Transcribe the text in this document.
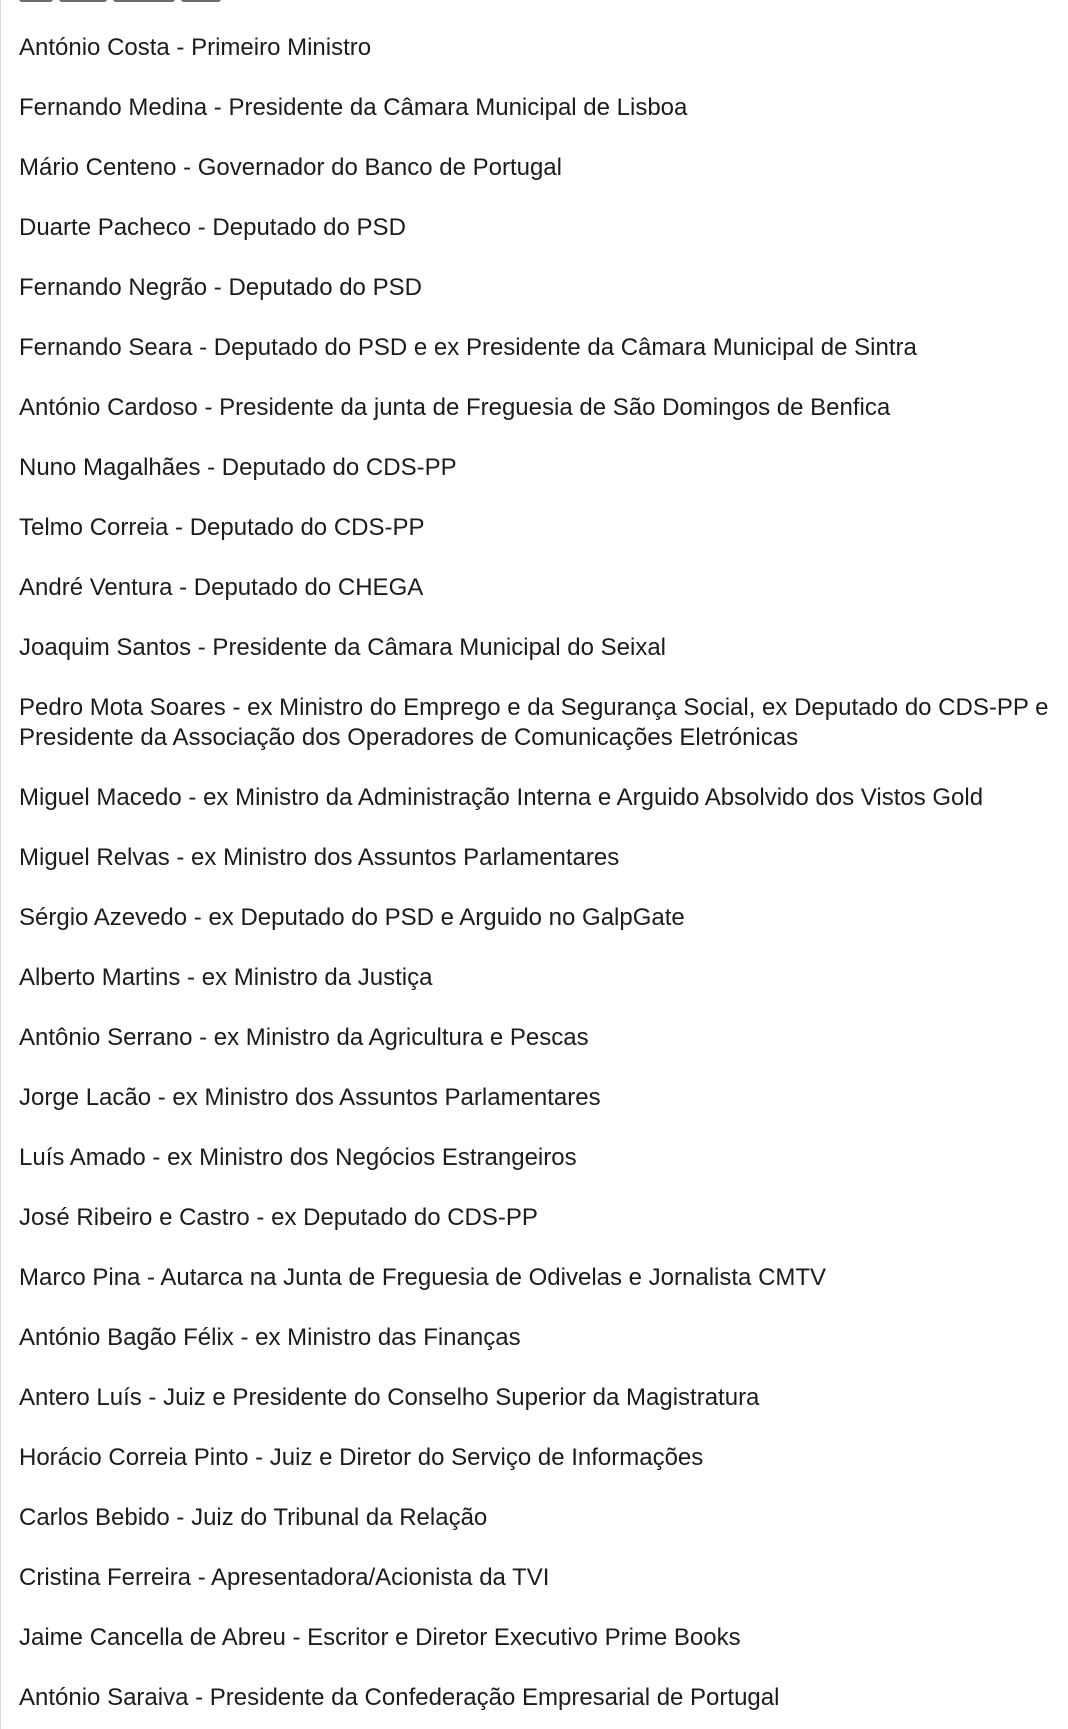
António Costa - Primeiro Ministro
Fernando Medina - Presidente da Câmara Municipal de Lisboa
Mário Centeno - Governador do Banco de Portugal
Duarte Pacheco - Deputado do PSD
Fernando Negrão - Deputado do PSD
Fernando Seara - Deputado do PSD e ex Presidente da Câmara Municipal de Sintra
António Cardoso - Presidente da junta de Freguesia de São Domingos de Benfica
Nuno Magalhães - Deputado do CDS-PP
Telmo Correia - Deputado do CDS-PP
André Ventura - Deputado do CHEGA
Joaquim Santos - Presidente da Câmara Municipal do Seixal
Pedro Mota Soares - ex Ministro do Emprego e da Segurança Social, ex Deputado do CDS-PP e Presidente da Associação dos Operadores de Comunicações Eletrónicas
Miguel Macedo - ex Ministro da Administração Interna e Arguido Absolvido dos Vistos Gold
Miguel Relvas - ex Ministro dos Assuntos Parlamentares
Sérgio Azevedo - ex Deputado do PSD e Arguido no GalpGate
Alberto Martins - ex Ministro da Justiça
Antônio Serrano - ex Ministro da Agricultura e Pescas
Jorge Lacão - ex Ministro dos Assuntos Parlamentares
Luís Amado - ex Ministro dos Negócios Estrangeiros
José Ribeiro e Castro - ex Deputado do CDS-PP
Marco Pina - Autarca na Junta de Freguesia de Odivelas e Jornalista CMTV
António Bagão Félix - ex Ministro das Finanças
Antero Luís - Juiz e Presidente do Conselho Superior da Magistratura
Horácio Correia Pinto - Juiz e Diretor do Serviço de Informações
Carlos Bebido - Juiz do Tribunal da Relação
Cristina Ferreira - Apresentadora/Acionista da TVI
Jaime Cancella de Abreu - Escritor e Diretor Executivo Prime Books
António Saraiva - Presidente da Confederação Empresarial de Portugal
